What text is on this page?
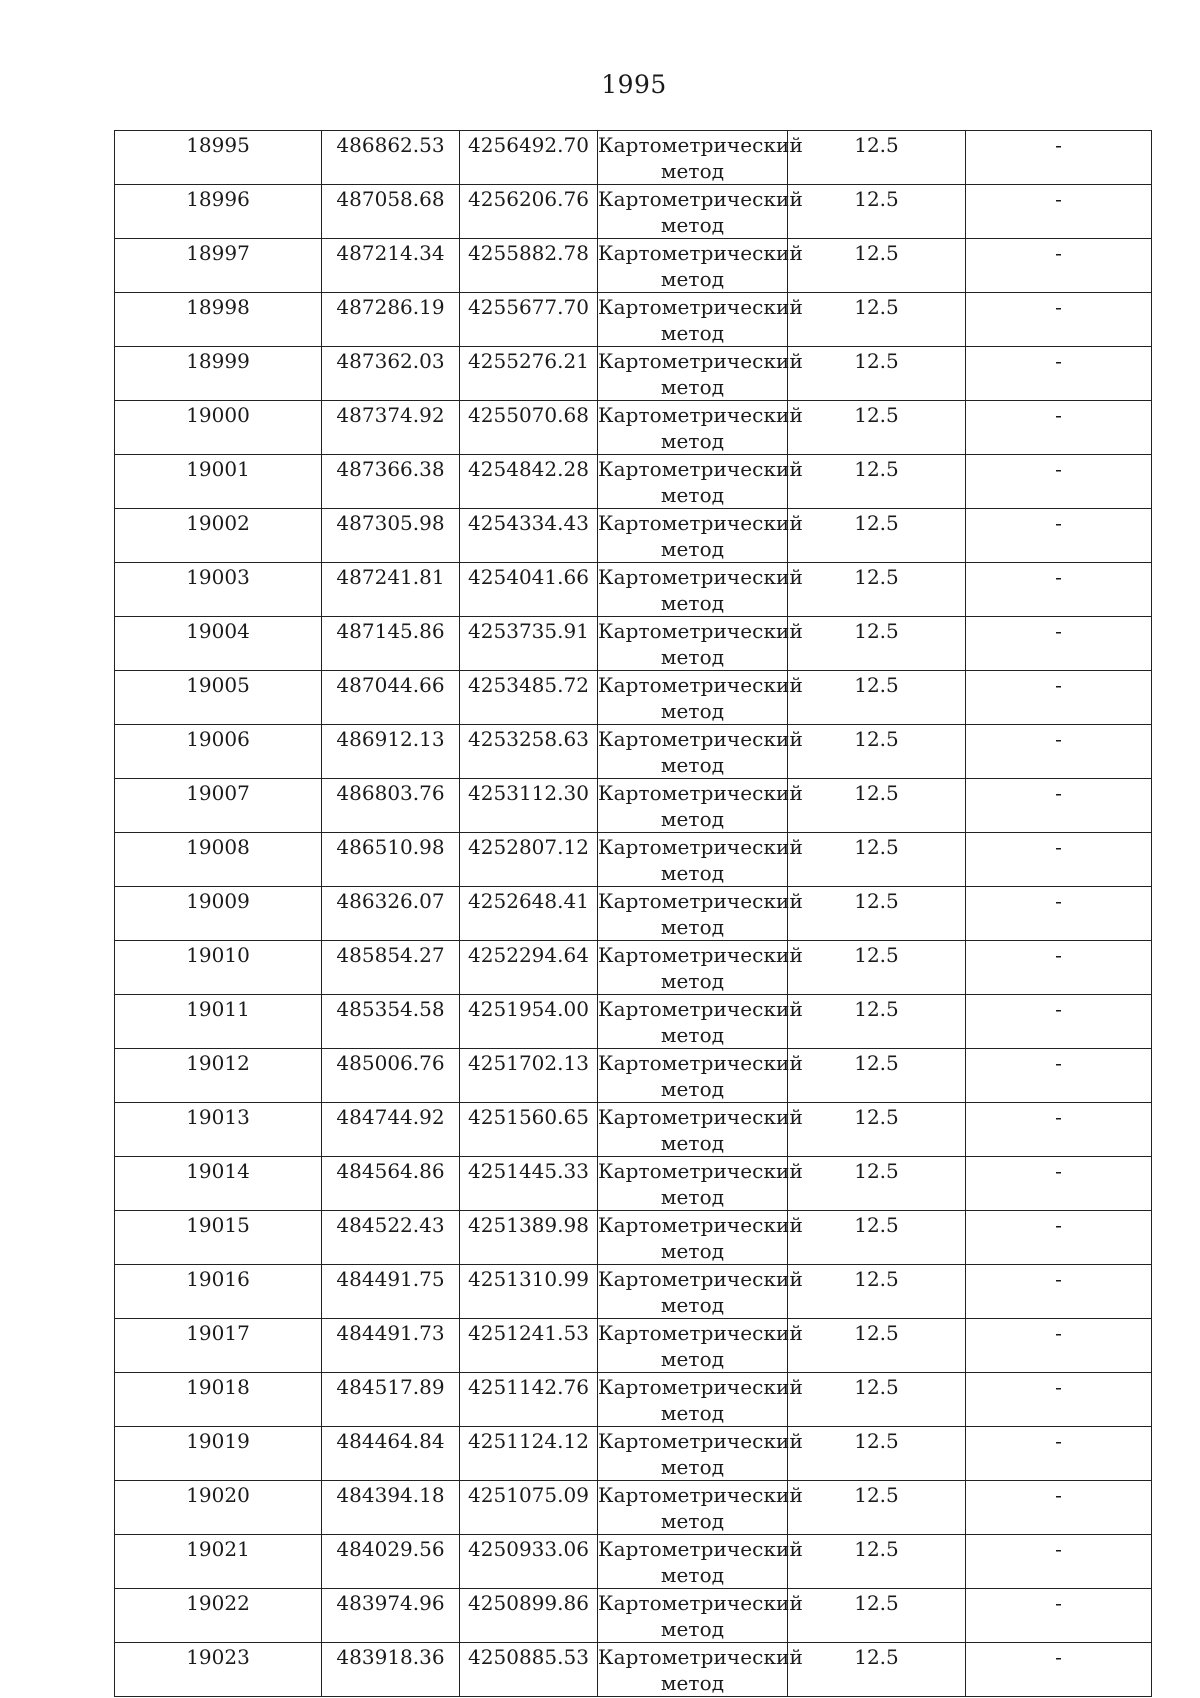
1995
18995	486862.53	4256492.70	Картометрический метод	12.5	-
18996	487058.68	4256206.76	Картометрический метод	12.5	-
18997	487214.34	4255882.78	Картометрический метод	12.5	-
18998	487286.19	4255677.70	Картометрический метод	12.5	-
18999	487362.03	4255276.21	Картометрический метод	12.5	-
19000	487374.92	4255070.68	Картометрический метод	12.5	-
19001	487366.38	4254842.28	Картометрический метод	12.5	-
19002	487305.98	4254334.43	Картометрический метод	12.5	-
19003	487241.81	4254041.66	Картометрический метод	12.5	-
19004	487145.86	4253735.91	Картометрический метод	12.5	-
19005	487044.66	4253485.72	Картометрический метод	12.5	-
19006	486912.13	4253258.63	Картометрический метод	12.5	-
19007	486803.76	4253112.30	Картометрический метод	12.5	-
19008	486510.98	4252807.12	Картометрический метод	12.5	-
19009	486326.07	4252648.41	Картометрический метод	12.5	-
19010	485854.27	4252294.64	Картометрический метод	12.5	-
19011	485354.58	4251954.00	Картометрический метод	12.5	-
19012	485006.76	4251702.13	Картометрический метод	12.5	-
19013	484744.92	4251560.65	Картометрический метод	12.5	-
19014	484564.86	4251445.33	Картометрический метод	12.5	-
19015	484522.43	4251389.98	Картометрический метод	12.5	-
19016	484491.75	4251310.99	Картометрический метод	12.5	-
19017	484491.73	4251241.53	Картометрический метод	12.5	-
19018	484517.89	4251142.76	Картометрический метод	12.5	-
19019	484464.84	4251124.12	Картометрический метод	12.5	-
19020	484394.18	4251075.09	Картометрический метод	12.5	-
19021	484029.56	4250933.06	Картометрический метод	12.5	-
19022	483974.96	4250899.86	Картометрический метод	12.5	-
19023	483918.36	4250885.53	Картометрический метод	12.5	-
